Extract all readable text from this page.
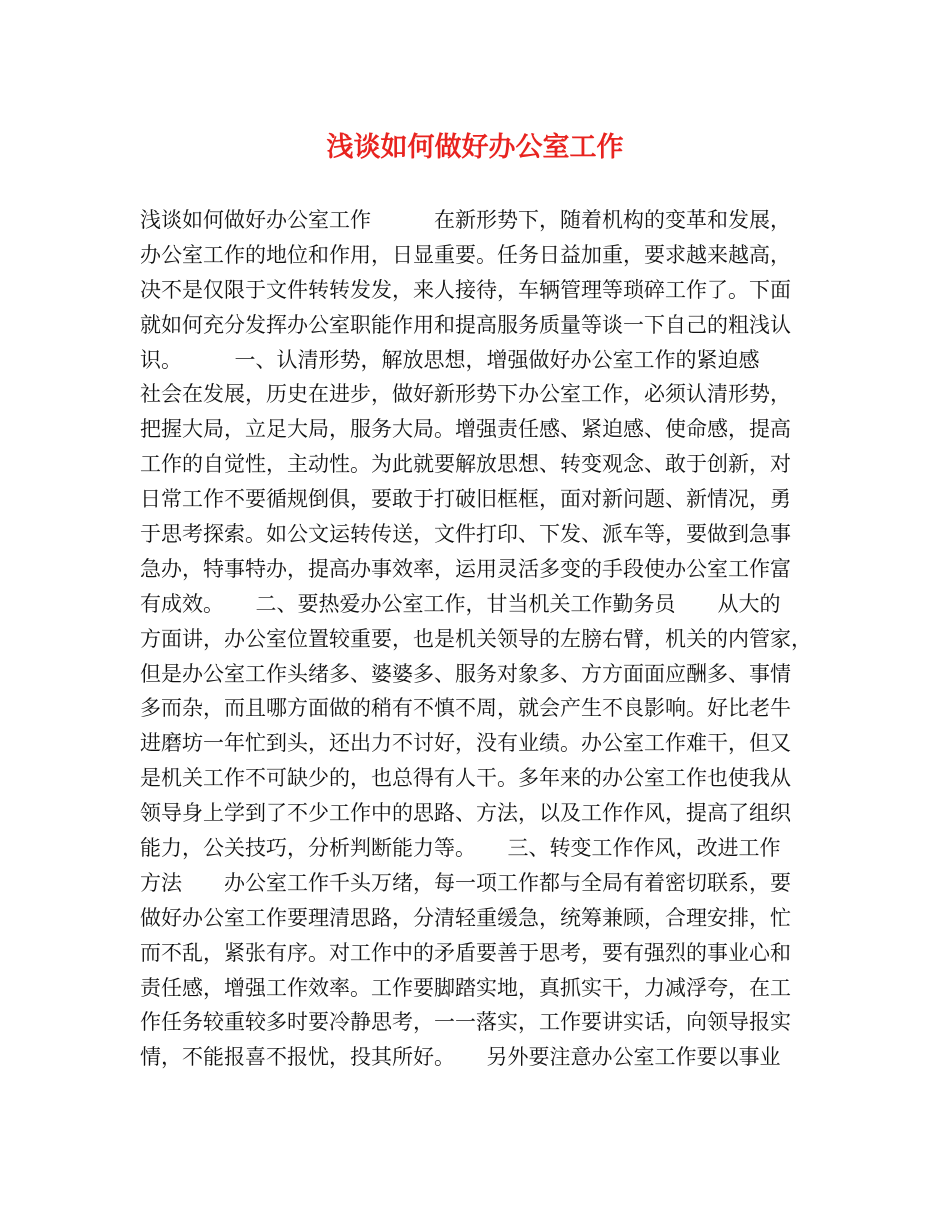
浅谈如何做好办公室工作
浅谈如何做好办公室工作　　　在新形势下，随着机构的变革和发展，
办公室工作的地位和作用，日显重要。任务日益加重，要求越来越高，
决不是仅限于文件转转发发，来人接待，车辆管理等琐碎工作了。下面
就如何充分发挥办公室职能作用和提高服务质量等谈一下自己的粗浅认
识。　　　一、认清形势，解放思想，增强做好办公室工作的紧迫感
社会在发展，历史在进步，做好新形势下办公室工作，必须认清形势，
把握大局，立足大局，服务大局。增强责任感、紧迫感、使命感，提高
工作的自觉性，主动性。为此就要解放思想、转变观念、敢于创新，对
日常工作不要循规倒俱，要敢于打破旧框框，面对新问题、新情况，勇
于思考探索。如公文运转传送，文件打印、下发、派车等，要做到急事
急办，特事特办，提高办事效率，运用灵活多变的手段使办公室工作富
有成效。　　二、要热爱办公室工作，甘当机关工作勤务员　　从大的
方面讲，办公室位置较重要，也是机关领导的左膀右臂，机关的内管家，
但是办公室工作头绪多、婆婆多、服务对象多、方方面面应酬多、事情
多而杂，而且哪方面做的稍有不慎不周，就会产生不良影响。好比老牛
进磨坊一年忙到头，还出力不讨好，没有业绩。办公室工作难干，但又
是机关工作不可缺少的，也总得有人干。多年来的办公室工作也使我从
领导身上学到了不少工作中的思路、方法，以及工作作风，提高了组织
能力，公关技巧，分析判断能力等。　　三、转变工作作风，改进工作
方法　　办公室工作千头万绪，每一项工作都与全局有着密切联系，要
做好办公室工作要理清思路，分清轻重缓急，统筹兼顾，合理安排，忙
而不乱，紧张有序。对工作中的矛盾要善于思考，要有强烈的事业心和
责任感，增强工作效率。工作要脚踏实地，真抓实干，力减浮夸，在工
作任务较重较多时要冷静思考，一一落实，工作要讲实话，向领导报实
情，不能报喜不报忧，投其所好。　　另外要注意办公室工作要以事业
